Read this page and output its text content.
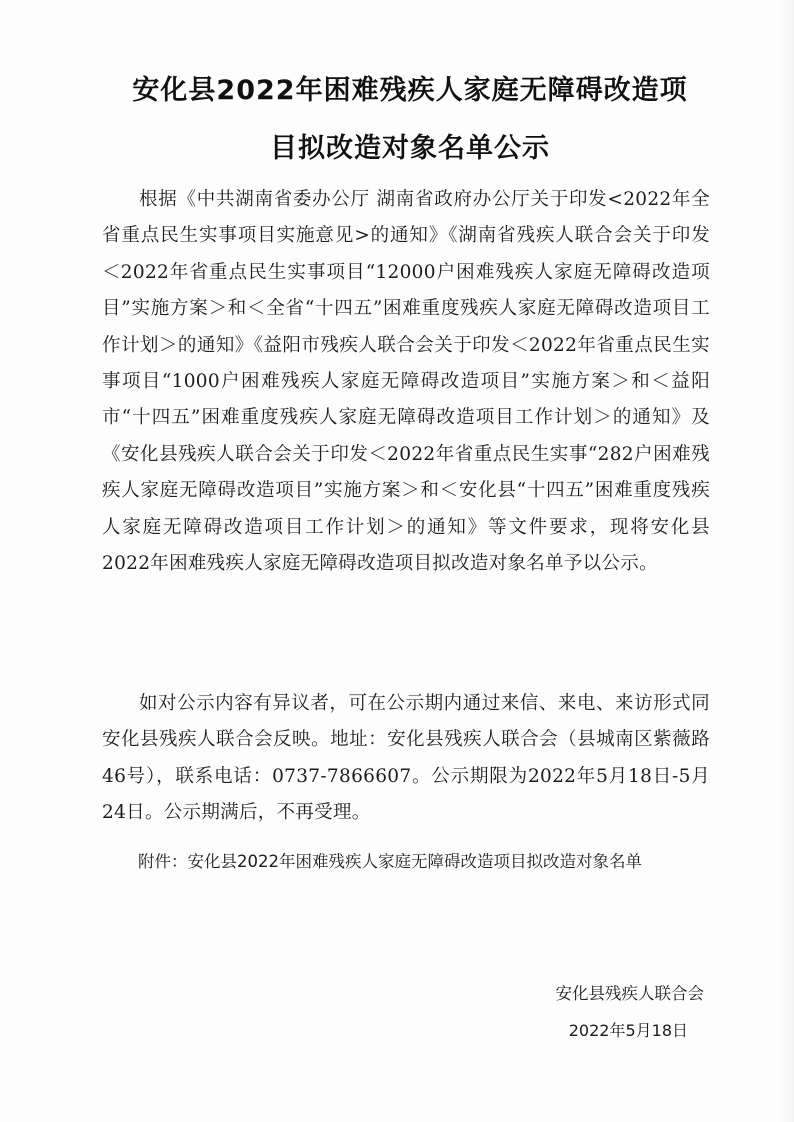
安化县2022年困难残疾人家庭无障碍改造项
目拟改造对象名单公示

根据《中共湖南省委办公厅 湖南省政府办公厅关于印发<2022年全省重点民生实事项目实施意见>的通知》《湖南省残疾人联合会关于印发＜2022年省重点民生实事项目“12000户困难残疾人家庭无障碍改造项目”实施方案＞和＜全省“十四五”困难重度残疾人家庭无障碍改造项目工作计划＞的通知》《益阳市残疾人联合会关于印发＜2022年省重点民生实事项目“1000户困难残疾人家庭无障碍改造项目”实施方案＞和＜益阳市“十四五”困难重度残疾人家庭无障碍改造项目工作计划＞的通知》及《安化县残疾人联合会关于印发＜2022年省重点民生实事“282户困难残疾人家庭无障碍改造项目”实施方案＞和＜安化县“十四五”困难重度残疾人家庭无障碍改造项目工作计划＞的通知》等文件要求，现将安化县2022年困难残疾人家庭无障碍改造项目拟改造对象名单予以公示。

如对公示内容有异议者，可在公示期内通过来信、来电、来访形式同安化县残疾人联合会反映。地址：安化县残疾人联合会（县城南区紫薇路46号），联系电话：0737-7866607。公示期限为2022年5月18日-5月24日。公示期满后，不再受理。

附件：安化县2022年困难残疾人家庭无障碍改造项目拟改造对象名单
安化县残疾人联合会
2022年5月18日
